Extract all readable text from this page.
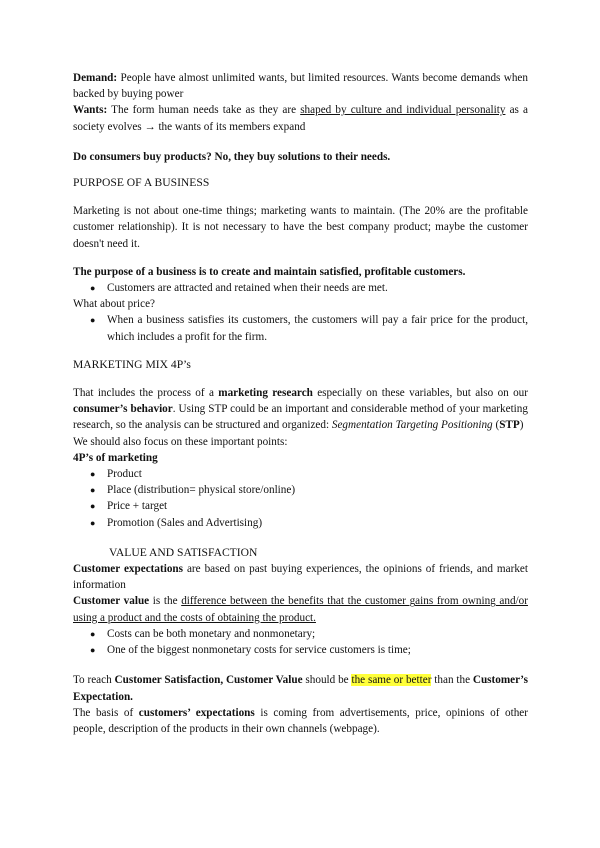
Demand: People have almost unlimited wants, but limited resources. Wants become demands when backed by buying power

Wants: The form human needs take as they are shaped by culture and individual personality as a society evolves → the wants of its members expand

Do consumers buy products? No, they buy solutions to their needs.

PURPOSE OF A BUSINESS

Marketing is not about one-time things; marketing wants to maintain. (The 20% are the profitable customer relationship). It is not necessary to have the best company product; maybe the customer doesn't need it.

The purpose of a business is to create and maintain satisfied, profitable customers.

● Customers are attracted and retained when their needs are met.

What about price?

● When a business satisfies its customers, the customers will pay a fair price for the product, which includes a profit for the firm.
MARKETING MIX 4P’s

That includes the process of a marketing research especially on these variables, but also on our consumer’s behavior. Using STP could be an important and considerable method of your marketing research, so the analysis can be structured and organized: Segmentation Targeting Positioning (STP)

We should also focus on these important points:

4P’s of marketing

● Product
● Place (distribution= physical store/online)
● Price + target
● Promotion (Sales and Advertising)
VALUE AND SATISFACTION

Customer expectations are based on past buying experiences, the opinions of friends, and market information

Customer value is the difference between the benefits that the customer gains from owning and/or using a product and the costs of obtaining the product.

● Costs can be both monetary and nonmonetary;
● One of the biggest nonmonetary costs for service customers is time;

To reach Customer Satisfaction, Customer Value should be the same or better than the Customer’s Expectation.

The basis of customers’ expectations is coming from advertisements, price, opinions of other people, description of the products in their own channels (webpage).
